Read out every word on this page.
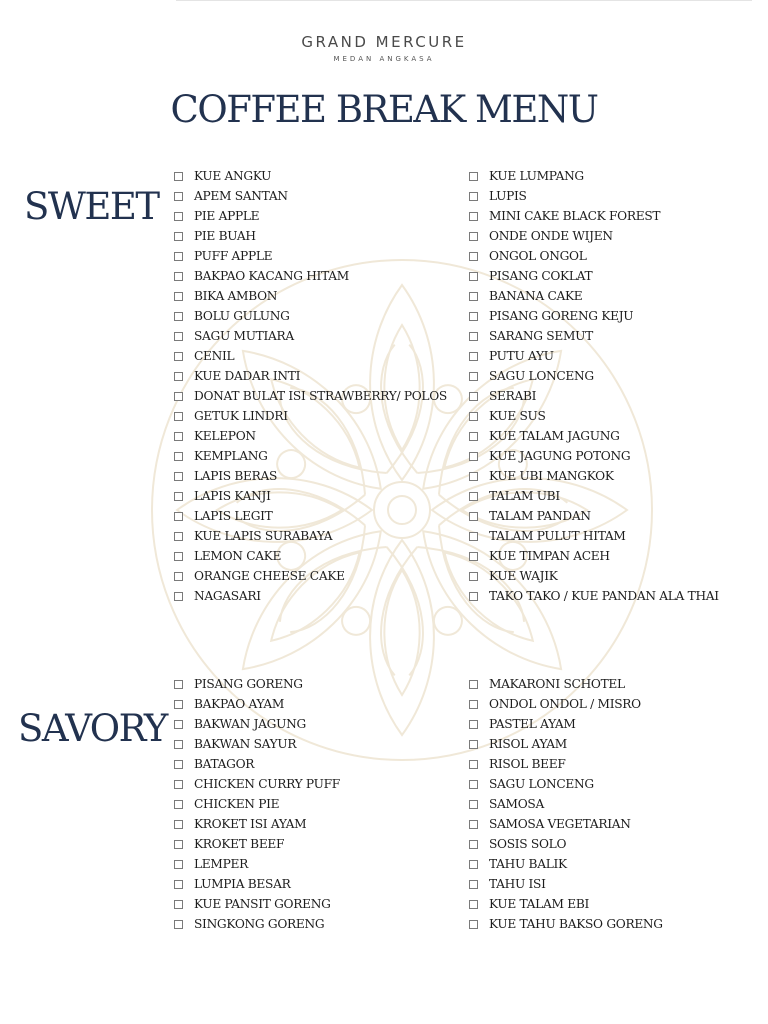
GRAND MERCURE
MEDAN ANGKASA
COFFEE BREAK MENU
SWEET
KUE ANGKU
APEM SANTAN
PIE APPLE
PIE BUAH
PUFF APPLE
BAKPAO KACANG HITAM
BIKA AMBON
BOLU GULUNG
SAGU MUTIARA
CENIL
KUE DADAR INTI
DONAT BULAT ISI STRAWBERRY/ POLOS
GETUK LINDRI
KELEPON
KEMPLANG
LAPIS BERAS
LAPIS KANJI
LAPIS LEGIT
KUE LAPIS SURABAYA
LEMON CAKE
ORANGE CHEESE CAKE
NAGASARI
KUE LUMPANG
LUPIS
MINI CAKE BLACK FOREST
ONDE ONDE WIJEN
ONGOL ONGOL
PISANG COKLAT
BANANA CAKE
PISANG GORENG KEJU
SARANG SEMUT
PUTU AYU
SAGU LONCENG
SERABI
KUE SUS
KUE TALAM JAGUNG
KUE JAGUNG POTONG
KUE UBI MANGKOK
TALAM UBI
TALAM PANDAN
TALAM PULUT HITAM
KUE TIMPAN ACEH
KUE WAJIK
TAKO TAKO / KUE PANDAN ALA THAI
SAVORY
PISANG GORENG
BAKPAO AYAM
BAKWAN JAGUNG
BAKWAN SAYUR
BATAGOR
CHICKEN CURRY PUFF
CHICKEN PIE
KROKET ISI AYAM
KROKET BEEF
LEMPER
LUMPIA BESAR
KUE PANSIT GORENG
SINGKONG GORENG
MAKARONI SCHOTEL
ONDOL ONDOL / MISRO
PASTEL AYAM
RISOL AYAM
RISOL BEEF
SAGU LONCENG
SAMOSA
SAMOSA VEGETARIAN
SOSIS SOLO
TAHU BALIK
TAHU ISI
KUE TALAM EBI
KUE TAHU BAKSO GORENG
